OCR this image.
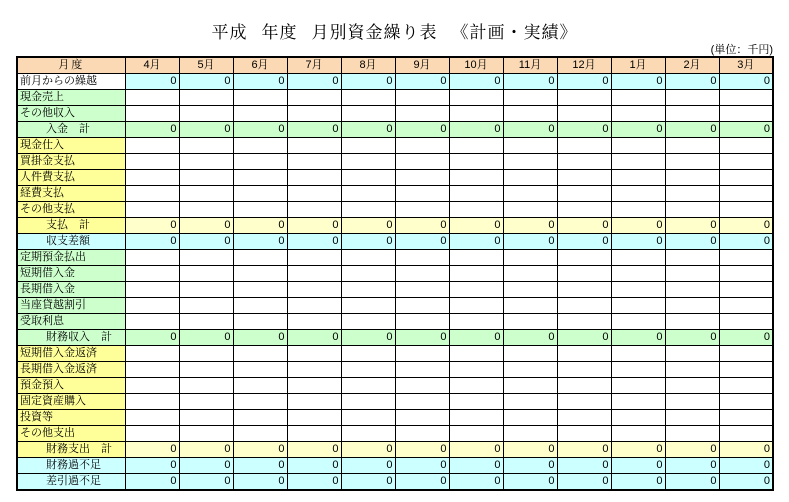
平成 年度 月別資金繰り表 《計画・実績》
(単位：千円)
月度	4月	5月	6月	7月	8月	9月	10月	11月	12月	1月	2月	3月
前月からの繰越	0	0	0	0	0	0	0	0	0	0	0	0
現金売上												
その他収入												
入金　計	0	0	0	0	0	0	0	0	0	0	0	0
現金仕入												
買掛金支払												
人件費支払												
経費支払												
その他支払												
支払　計	0	0	0	0	0	0	0	0	0	0	0	0
収支差額	0	0	0	0	0	0	0	0	0	0	0	0
定期預金払出												
短期借入金												
長期借入金												
当座貸越割引												
受取利息												
財務収入　計	0	0	0	0	0	0	0	0	0	0	0	0
短期借入金返済												
長期借入金返済												
預金預入												
固定資産購入												
投資等												
その他支出												
財務支出　計	0	0	0	0	0	0	0	0	0	0	0	0
財務過不足	0	0	0	0	0	0	0	0	0	0	0	0
差引過不足	0	0	0	0	0	0	0	0	0	0	0	0
